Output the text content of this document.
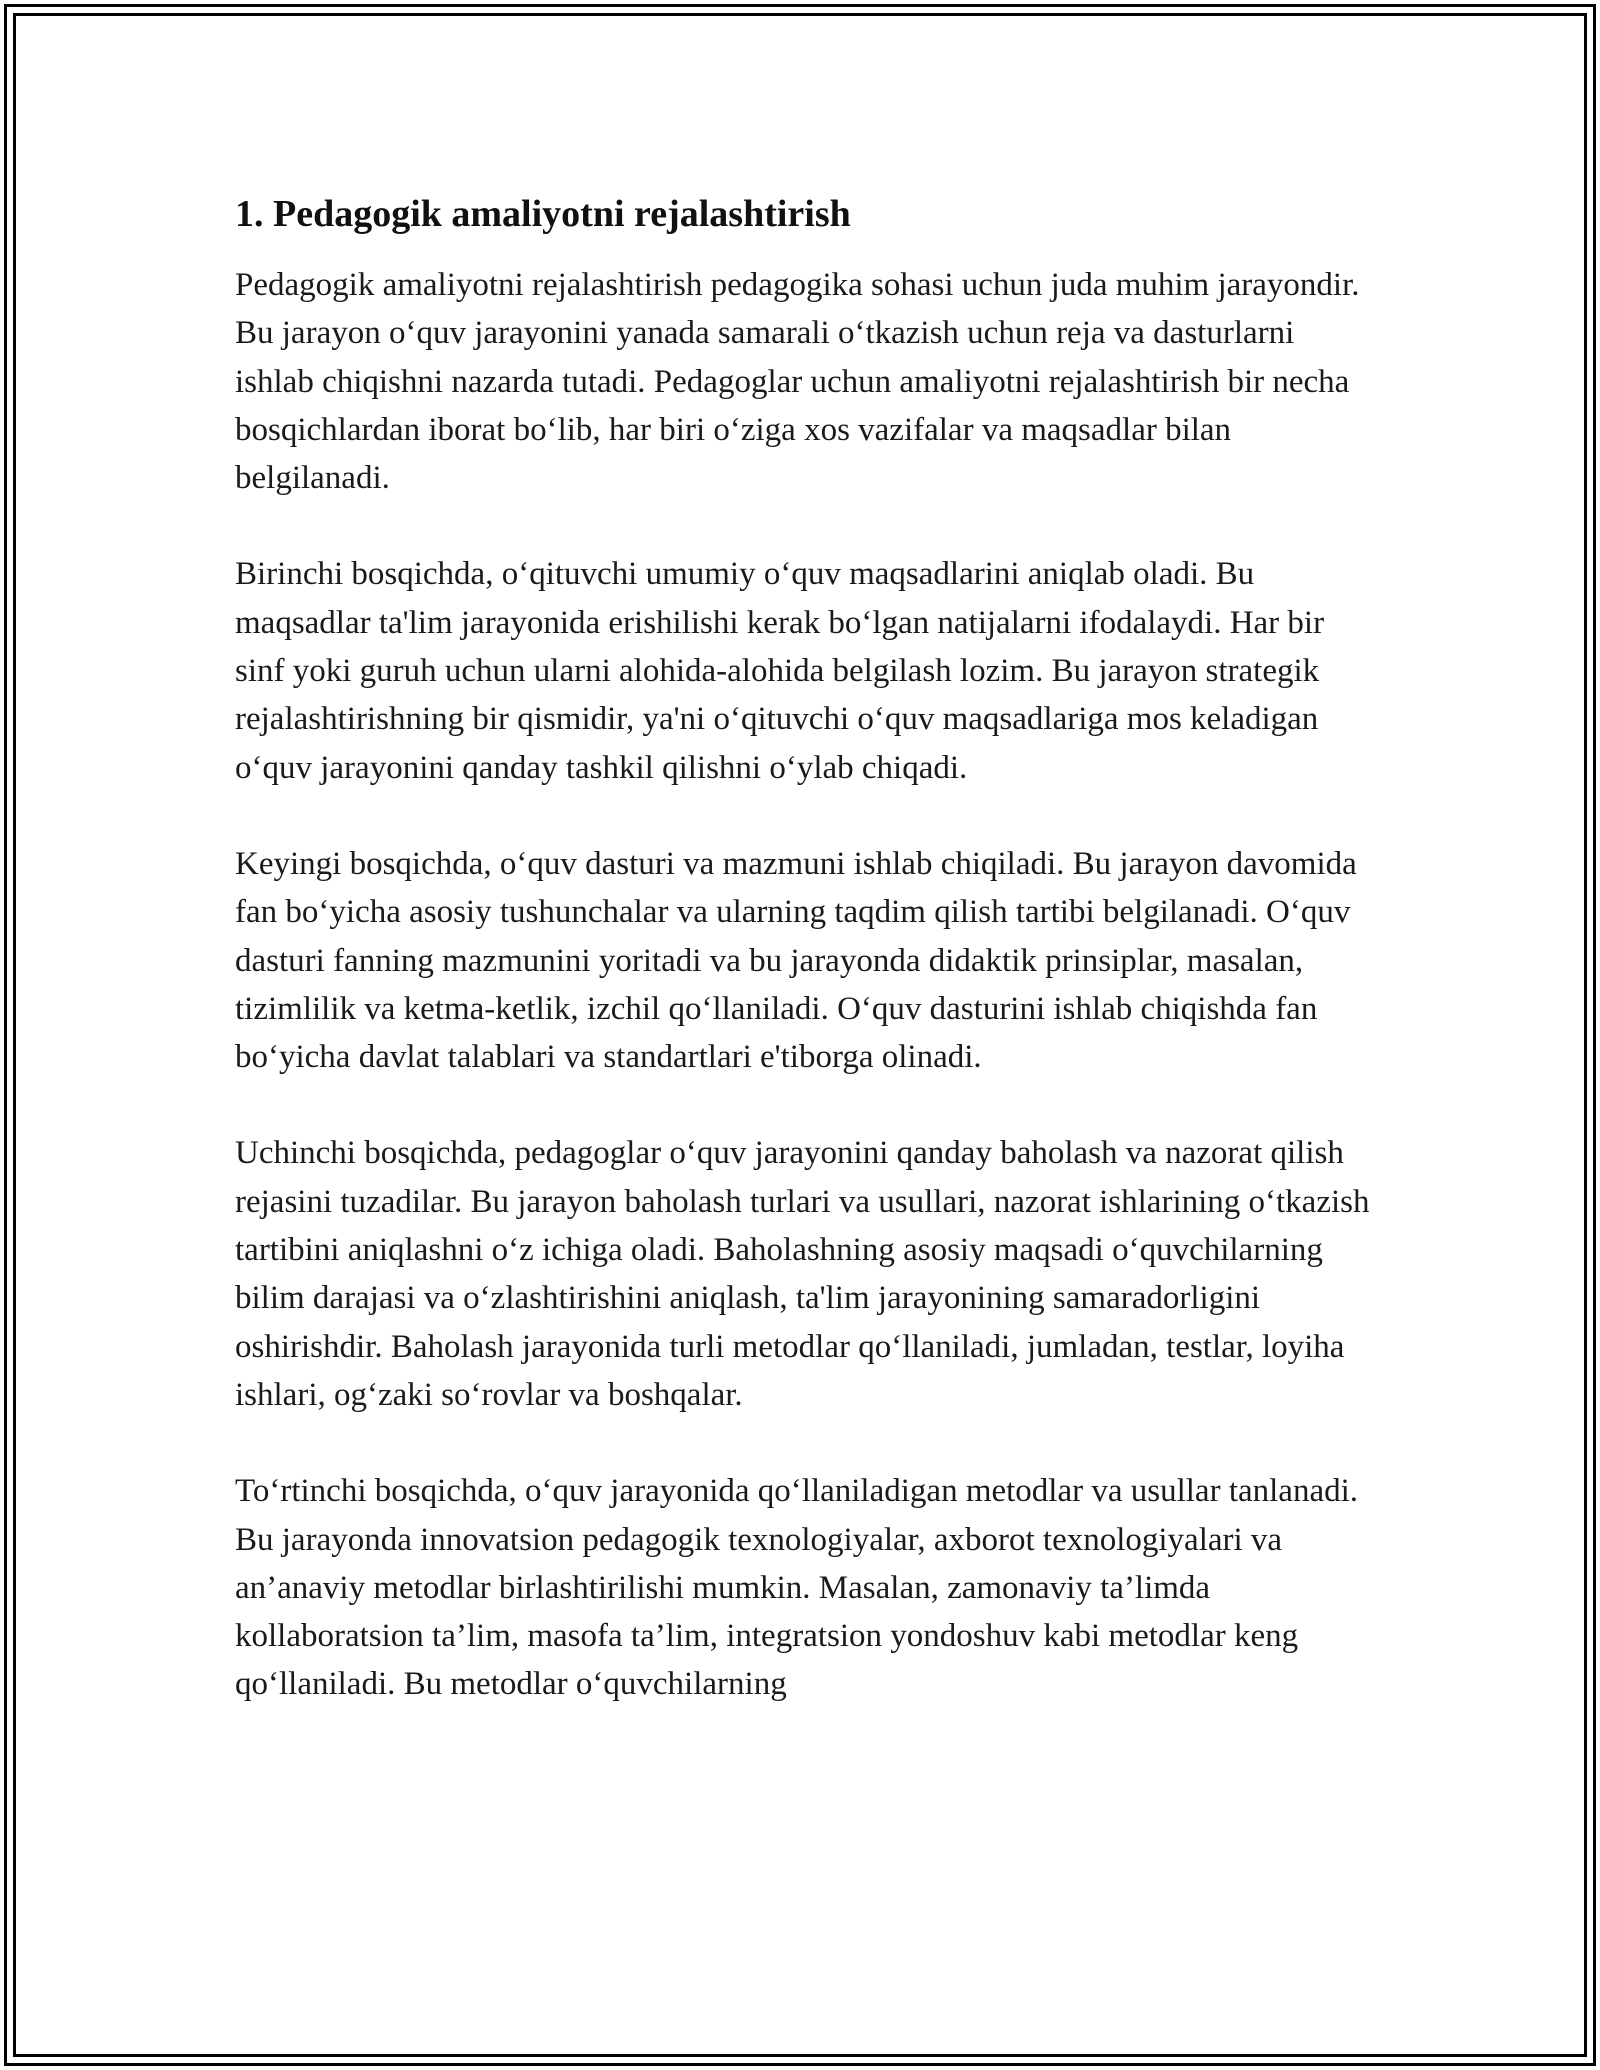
1. Pedagogik amaliyotni rejalashtirish

Pedagogik amaliyotni rejalashtirish pedagogika sohasi uchun juda muhim jarayondir. Bu jarayon o‘quv jarayonini yanada samarali o‘tkazish uchun reja va dasturlarni ishlab chiqishni nazarda tutadi. Pedagoglar uchun amaliyotni rejalashtirish bir necha bosqichlardan iborat bo‘lib, har biri o‘ziga xos vazifalar va maqsadlar bilan belgilanadi.

Birinchi bosqichda, o‘qituvchi umumiy o‘quv maqsadlarini aniqlab oladi. Bu maqsadlar ta'lim jarayonida erishilishi kerak bo‘lgan natijalarni ifodalaydi. Har bir sinf yoki guruh uchun ularni alohida-alohida belgilash lozim. Bu jarayon strategik rejalashtirishning bir qismidir, ya'ni o‘qituvchi o‘quv maqsadlariga mos keladigan o‘quv jarayonini qanday tashkil qilishni o‘ylab chiqadi.

Keyingi bosqichda, o‘quv dasturi va mazmuni ishlab chiqiladi. Bu jarayon davomida fan bo‘yicha asosiy tushunchalar va ularning taqdim qilish tartibi belgilanadi. O‘quv dasturi fanning mazmunini yoritadi va bu jarayonda didaktik prinsiplar, masalan, tizimlilik va ketma-ketlik, izchil qo‘llaniladi. O‘quv dasturini ishlab chiqishda fan bo‘yicha davlat talablari va standartlari e'tiborga olinadi.

Uchinchi bosqichda, pedagoglar o‘quv jarayonini qanday baholash va nazorat qilish rejasini tuzadilar. Bu jarayon baholash turlari va usullari, nazorat ishlarining o‘tkazish tartibini aniqlashni o‘z ichiga oladi. Baholashning asosiy maqsadi o‘quvchilarning bilim darajasi va o‘zlashtirishini aniqlash, ta'lim jarayonining samaradorligini oshirishdir. Baholash jarayonida turli metodlar qo‘llaniladi, jumladan, testlar, loyiha ishlari, og‘zaki so‘rovlar va boshqalar.

To‘rtinchi bosqichda, o‘quv jarayonida qo‘llaniladigan metodlar va usullar tanlanadi. Bu jarayonda innovatsion pedagogik texnologiyalar, axborot texnologiyalari va an’anaviy metodlar birlashtirilishi mumkin. Masalan, zamonaviy ta’limda kollaboratsion ta’lim, masofa ta’lim, integratsion yondoshuv kabi metodlar keng qo‘llaniladi. Bu metodlar o‘quvchilarning
